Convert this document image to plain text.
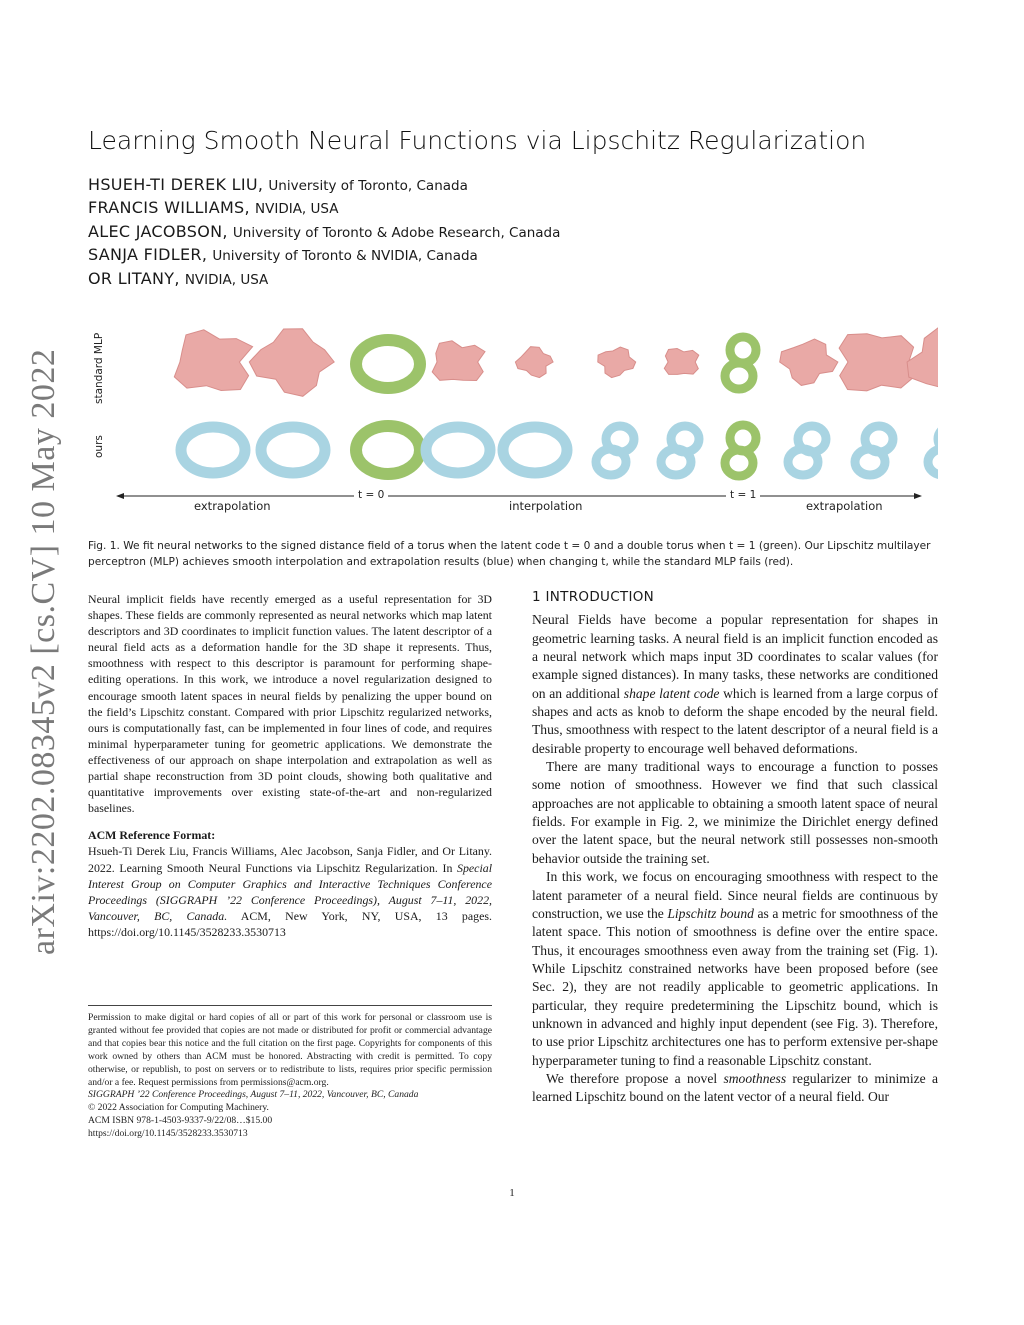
arXiv:2202.08345v2 [cs.CV] 10 May 2022
Learning Smooth Neural Functions via Lipschitz Regularization
HSUEH-TI DEREK LIU, University of Toronto, Canada
FRANCIS WILLIAMS, NVIDIA, USA
ALEC JACOBSON, University of Toronto & Adobe Research, Canada
SANJA FIDLER, University of Toronto & NVIDIA, Canada
OR LITANY, NVIDIA, USA
standard MLP
ours
extrapolation
t = 0
interpolation
t = 1
extrapolation
Fig. 1. We fit neural networks to the signed distance field of a torus when the latent code t = 0 and a double torus when t = 1 (green). Our Lipschitz multilayer perceptron (MLP) achieves smooth interpolation and extrapolation results (blue) when changing t, while the standard MLP fails (red).

Neural implicit fields have recently emerged as a useful representation for 3D shapes. These fields are commonly represented as neural networks which map latent descriptors and 3D coordinates to implicit function values. The latent descriptor of a neural field acts as a deformation handle for the 3D shape it represents. Thus, smoothness with respect to this descriptor is paramount for performing shape-editing operations. In this work, we introduce a novel regularization designed to encourage smooth latent spaces in neural fields by penalizing the upper bound on the field’s Lipschitz constant. Compared with prior Lipschitz regularized networks, ours is computationally fast, can be implemented in four lines of code, and requires minimal hyperparameter tuning for geometric applications. We demonstrate the effectiveness of our approach on shape interpolation and extrapolation as well as partial shape reconstruction from 3D point clouds, showing both qualitative and quantitative improvements over existing state-of-the-art and non-regularized baselines.

ACM Reference Format:

Hsueh-Ti Derek Liu, Francis Williams, Alec Jacobson, Sanja Fidler, and Or Litany. 2022. Learning Smooth Neural Functions via Lipschitz Regularization. In Special Interest Group on Computer Graphics and Interactive Techniques Conference Proceedings (SIGGRAPH ’22 Conference Proceedings), August 7–11, 2022, Vancouver, BC, Canada. ACM, New York, NY, USA, 13 pages. https://doi.org/10.1145/3528233.3530713

Permission to make digital or hard copies of all or part of this work for personal or classroom use is granted without fee provided that copies are not made or distributed for profit or commercial advantage and that copies bear this notice and the full citation on the first page. Copyrights for components of this work owned by others than ACM must be honored. Abstracting with credit is permitted. To copy otherwise, or republish, to post on servers or to redistribute to lists, requires prior specific permission and/or a fee. Request permissions from permissions@acm.org.

SIGGRAPH ’22 Conference Proceedings, August 7–11, 2022, Vancouver, BC, Canada

© 2022 Association for Computing Machinery.

ACM ISBN 978-1-4503-9337-9/22/08…$15.00

https://doi.org/10.1145/3528233.3530713

1 INTRODUCTION

Neural Fields have become a popular representation for shapes in geometric learning tasks. A neural field is an implicit function encoded as a neural network which maps input 3D coordinates to scalar values (for example signed distances). In many tasks, these networks are conditioned on an additional shape latent code which is learned from a large corpus of shapes and acts as knob to deform the shape encoded by the neural field. Thus, smoothness with respect to the latent descriptor of a neural field is a desirable property to encourage well behaved deformations.

There are many traditional ways to encourage a function to posses some notion of smoothness. However we find that such classical approaches are not applicable to obtaining a smooth latent space of neural fields. For example in Fig. 2, we minimize the Dirichlet energy defined over the latent space, but the neural network still possesses non-smooth behavior outside the training set.

In this work, we focus on encouraging smoothness with respect to the latent parameter of a neural field. Since neural fields are continuous by construction, we use the Lipschitz bound as a metric for smoothness of the latent space. This notion of smoothness is define over the entire space. Thus, it encourages smoothness even away from the training set (Fig. 1). While Lipschitz constrained networks have been proposed before (see Sec. 2), they are not readily applicable to geometric applications. In particular, they require predetermining the Lipschitz bound, which is unknown in advanced and highly input dependent (see Fig. 3). Therefore, to use prior Lipschitz architectures one has to perform extensive per-shape hyperparameter tuning to find a reasonable Lipschitz constant.

We therefore propose a novel smoothness regularizer to minimize a learned Lipschitz bound on the latent vector of a neural field. Our

1
